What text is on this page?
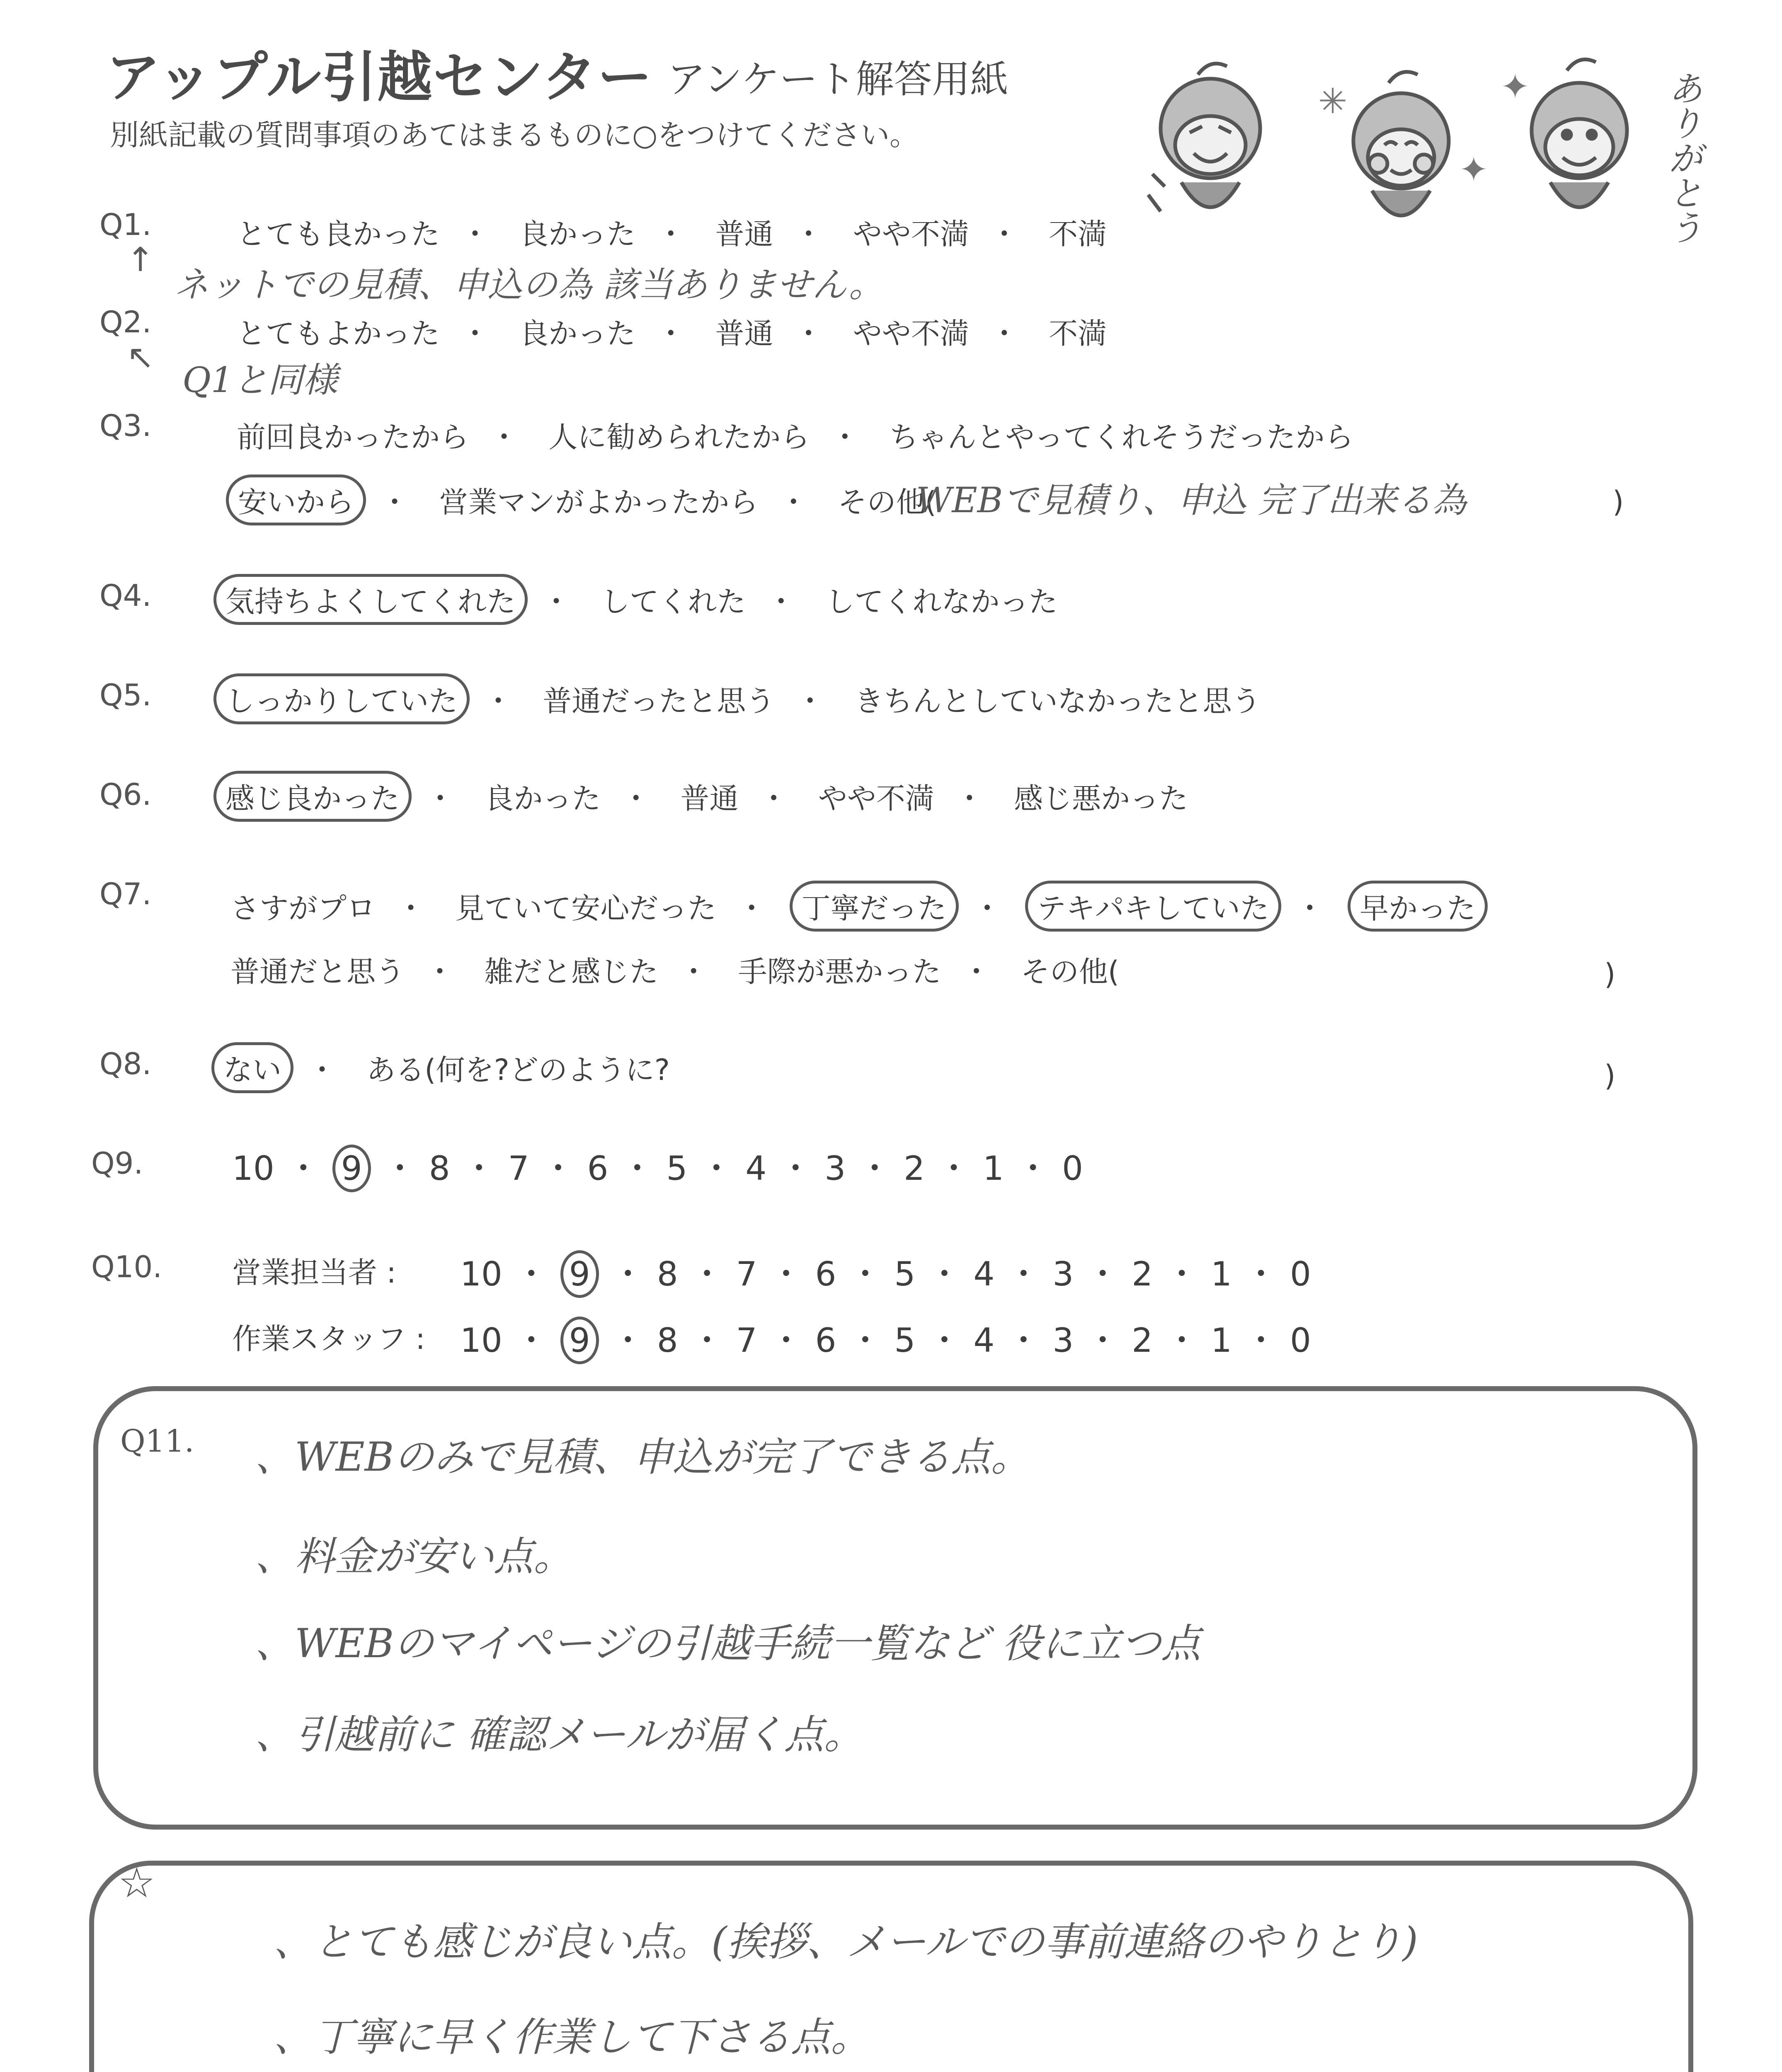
アップル引越センター アンケート解答用紙
別紙記載の質問事項のあてはまるものに○をつけてください。
✳	✦
✦	ありがとう
Q1.	とても良かった ・ 良かった ・ 普通 ・ やや不満 ・ 不満
↑
ネットでの見積、申込の為 該当ありません。
Q2.	とてもよかった ・ 良かった ・ 普通 ・ やや不満 ・ 不満
↖
Q1と同様
Q3.	前回良かったから ・ 人に勧められたから ・ ちゃんとやってくれそうだったから
安いから ・ 営業マンがよかったから ・ その他(
WEBで見積り、申込 完了出来る為	)
Q4.	気持ちよくしてくれた ・ してくれた ・ してくれなかった
Q5.	しっかりしていた ・ 普通だったと思う ・ きちんとしていなかったと思う
Q6.	感じ良かった ・ 良かった ・ 普通 ・ やや不満 ・ 感じ悪かった
Q7.	さすがプロ ・ 見ていて安心だった ・ 丁寧だった ・ テキパキしていた ・ 早かった
普通だと思う ・ 雑だと感じた ・ 手際が悪かった ・ その他(	)
Q8.	ない ・ ある(何を?どのように?	)
Q9.	10 ・ 9 ・ 8 ・ 7 ・ 6 ・ 5 ・ 4 ・ 3 ・ 2 ・ 1 ・ 0
Q10. 営業担当者 : 10 ・ 9 ・ 8 ・ 7 ・ 6 ・ 5 ・ 4 ・ 3 ・ 2 ・ 1 ・ 0
作業スタッフ : 10 ・ 9 ・ 8 ・ 7 ・ 6 ・ 5 ・ 4 ・ 3 ・ 2 ・ 1 ・ 0
Q11. 、WEBのみで見積、申込が完了できる点。
、料金が安い点。
、WEBのマイページの引越手続一覧など 役に立つ点
、引越前に 確認メールが届く点。
☆
、とても感じが良い点。(挨拶、メールでの事前連絡のやりとり)
、丁寧に早く作業して下さる点。
